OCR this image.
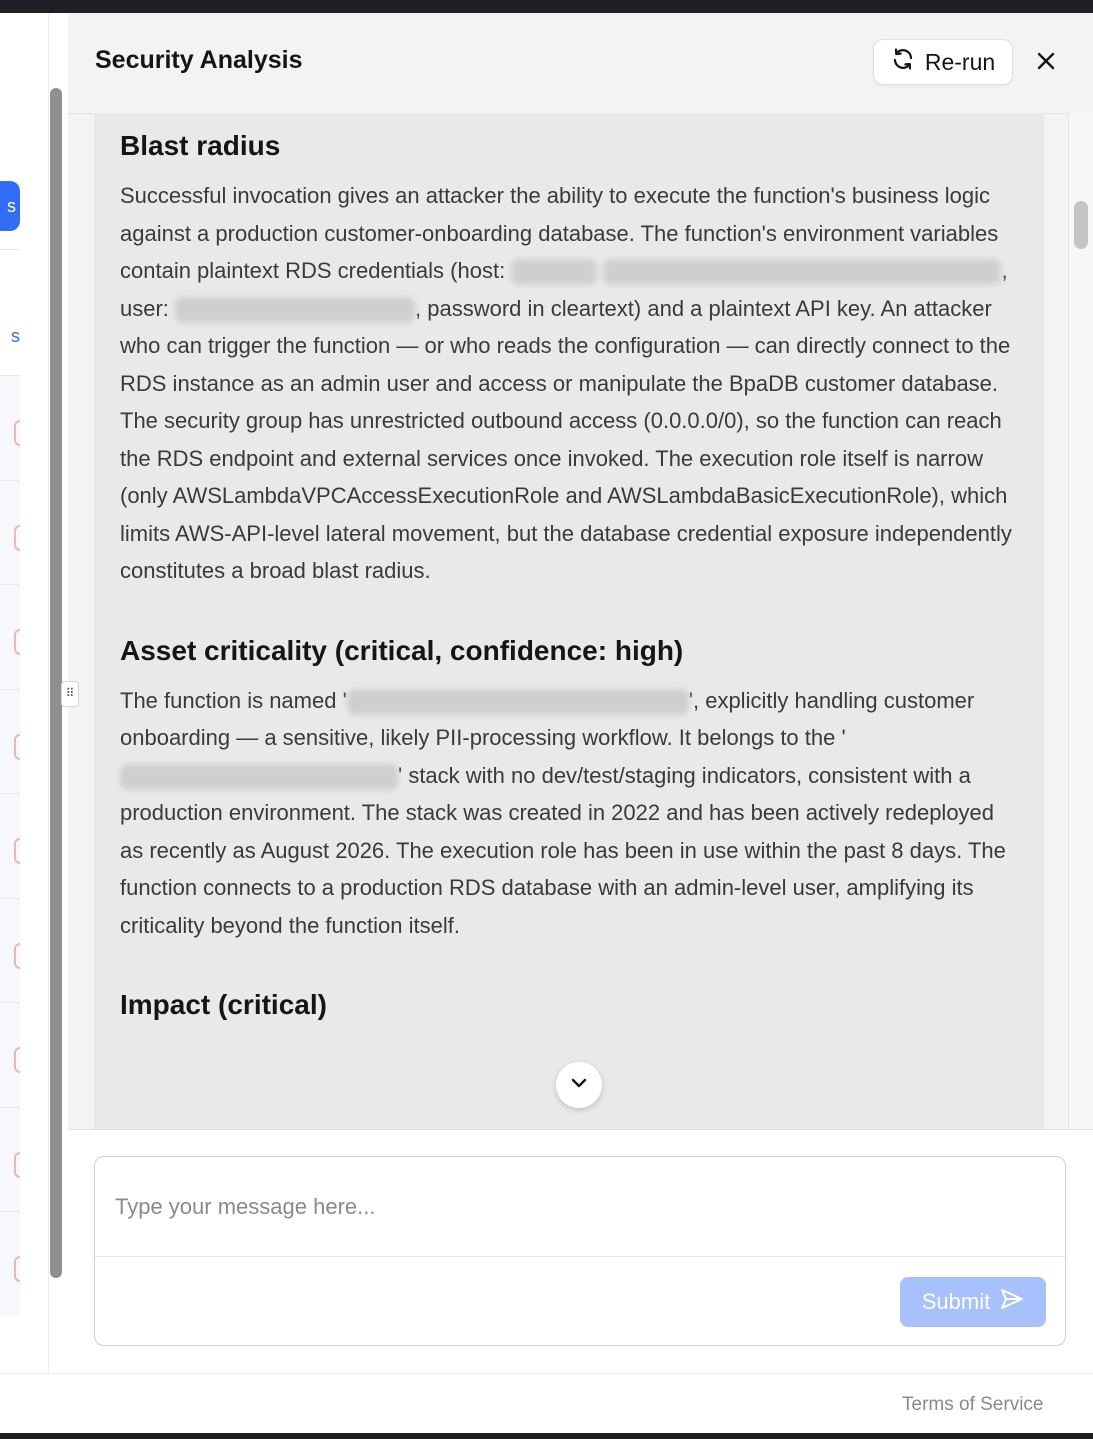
s
s
Security Analysis	Re-run
Blast radius

Successful invocation gives an attacker the ability to execute the function's business logic against a production customer-onboarding database. The function's environment variables contain plaintext RDS credentials (host:	, user:	, password in cleartext) and a plaintext API key. An attacker who can trigger the function — or who reads the configuration — can directly connect to the RDS instance as an admin user and access or manipulate the BpaDB customer database. The security group has unrestricted outbound access (0.0.0.0/0), so the function can reach the RDS endpoint and external services once invoked. The execution role itself is narrow (only AWSLambdaVPCAccessExecutionRole and AWSLambdaBasicExecutionRole), which limits AWS-API-level lateral movement, but the database credential exposure independently constitutes a broad blast radius.

Asset criticality (critical, confidence: high)

The function is named '	', explicitly handling customer onboarding — a sensitive, likely PII-processing workflow. It belongs to the '' stack with no dev/test/staging indicators, consistent with a production environment. The stack was created in 2022 and has been actively redeployed as recently as August 2026. The execution role has been in use within the past 8 days. The function connects to a production RDS database with an admin-level user, amplifying its criticality beyond the function itself.

Impact (critical)
Type your message here...
Submit
⠿
Terms of Service
